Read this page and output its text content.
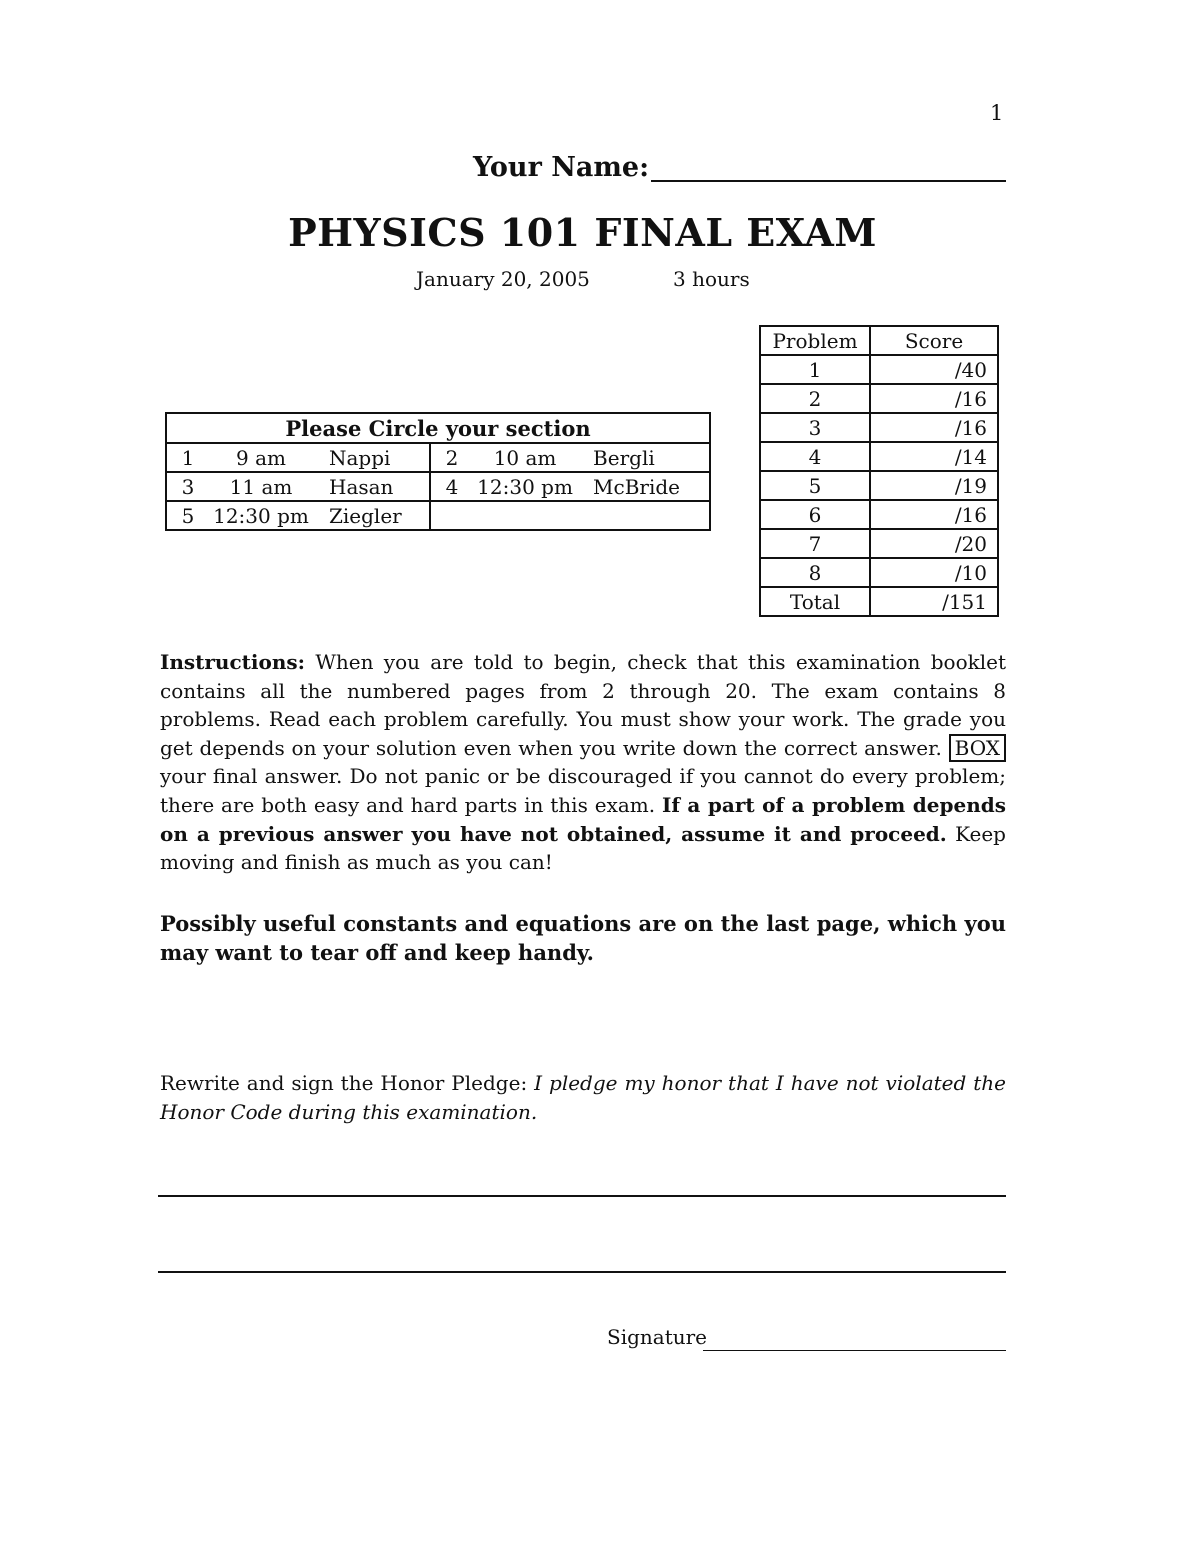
1
Your Name:
PHYSICS 101 FINAL EXAM
January 20, 2005	3 hours
Please Circle your section	

1 9 am Nappi	2 10 am Bergli

3 11 am Hasan	4 12:30 pm McBride

5 12:30 pm Ziegler	

Problem	Score
1	/40
2	/16
3	/16
4	/14
5	/19
6	/16
7	/20
8	/10
Total	/151
Instructions: When you are told to begin, check that this examination booklet contains all the numbered pages from 2 through 20. The exam contains 8 problems. Read each problem carefully. You must show your work. The grade you get depends on your solution even when you write down the correct answer. BOX your final answer. Do not panic or be discouraged if you cannot do every problem; there are both easy and hard parts in this exam. If a part of a problem depends on a previous answer you have not obtained, assume it and proceed. Keep moving and finish as much as you can!
Possibly useful constants and equations are on the last page, which you may want to tear off and keep handy.
Rewrite and sign the Honor Pledge: I pledge my honor that I have not violated the Honor Code during this examination.
Signature
